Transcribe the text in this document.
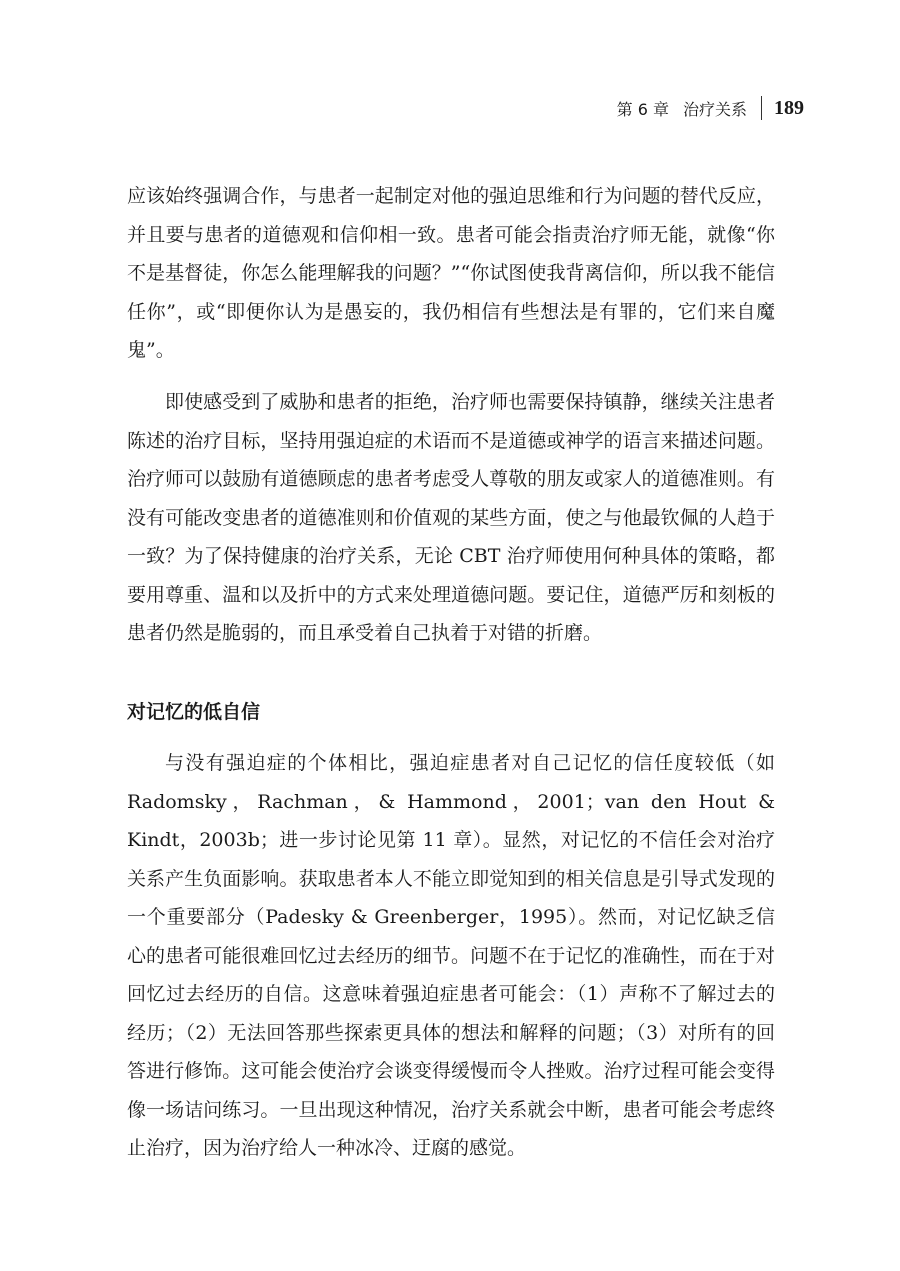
第 6 章 治疗关系 189

应该始终强调合作，与患者一起制定对他的强迫思维和行为问题的替代反应，并且要与患者的道德观和信仰相一致。患者可能会指责治疗师无能，就像“你不是基督徒，你怎么能理解我的问题？”“你试图使我背离信仰，所以我不能信任你”，或“即便你认为是愚妄的，我仍相信有些想法是有罪的，它们来自魔鬼”。

即使感受到了威胁和患者的拒绝，治疗师也需要保持镇静，继续关注患者陈述的治疗目标，坚持用强迫症的术语而不是道德或神学的语言来描述问题。治疗师可以鼓励有道德顾虑的患者考虑受人尊敬的朋友或家人的道德准则。有没有可能改变患者的道德准则和价值观的某些方面，使之与他最钦佩的人趋于一致？为了保持健康的治疗关系，无论 CBT 治疗师使用何种具体的策略，都要用尊重、温和以及折中的方式来处理道德问题。要记住，道德严厉和刻板的患者仍然是脆弱的，而且承受着自己执着于对错的折磨。

对记忆的低自信

与没有强迫症的个体相比，强迫症患者对自己记忆的信任度较低（如 Radomsky，Rachman，& Hammond，2001；van den Hout & Kindt，2003b；进一步讨论见第 11 章）。显然，对记忆的不信任会对治疗关系产生负面影响。获取患者本人不能立即觉知到的相关信息是引导式发现的一个重要部分（Padesky & Greenberger，1995）。然而，对记忆缺乏信心的患者可能很难回忆过去经历的细节。问题不在于记忆的准确性，而在于对回忆过去经历的自信。这意味着强迫症患者可能会：（1）声称不了解过去的经历；（2）无法回答那些探索更具体的想法和解释的问题；（3）对所有的回答进行修饰。这可能会使治疗会谈变得缓慢而令人挫败。治疗过程可能会变得像一场诘问练习。一旦出现这种情况，治疗关系就会中断，患者可能会考虑终止治疗，因为治疗给人一种冰冷、迂腐的感觉。
